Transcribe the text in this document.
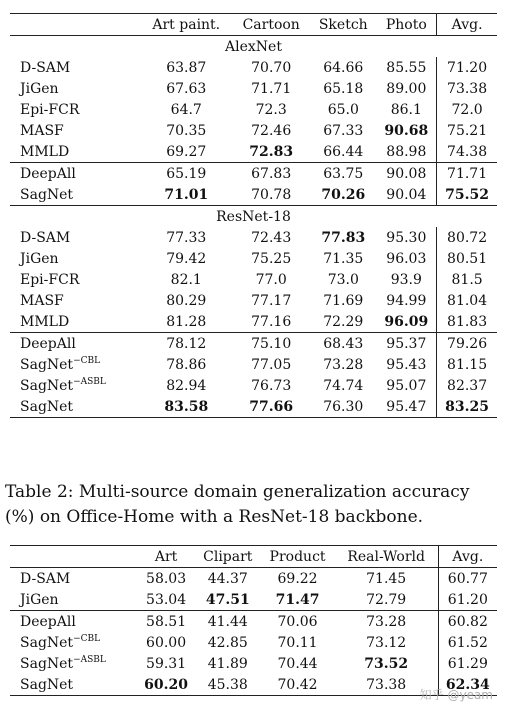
	Art paint.	Cartoon	Sketch	Photo	Avg.
AlexNet					
D-SAM	63.87	70.70	64.66	85.55	71.20
JiGen	67.63	71.71	65.18	89.00	73.38
Epi-FCR	64.7	72.3	65.0	86.1	72.0
MASF	70.35	72.46	67.33	90.68	75.21
MMLD	69.27	72.83	66.44	88.98	74.38
DeepAll	65.19	67.83	63.75	90.08	71.71
SagNet	71.01	70.78	70.26	90.04	75.52
ResNet-18					
D-SAM	77.33	72.43	77.83	95.30	80.72
JiGen	79.42	75.25	71.35	96.03	80.51
Epi-FCR	82.1	77.0	73.0	93.9	81.5
MASF	80.29	77.17	71.69	94.99	81.04
MMLD	81.28	77.16	72.29	96.09	81.83
DeepAll	78.12	75.10	68.43	95.37	79.26
SagNet$^{-CBL}$	78.86	77.05	73.28	95.43	81.15
SagNet$^{-ASBL}$	82.94	76.73	74.74	95.07	82.37
SagNet	83.58	77.66	76.30	95.47	83.25

Table 2: Multi-source domain generalization accuracy (%) on Office-Home with a ResNet-18 backbone.

	Art	Clipart	Product	Real-World	Avg.
D-SAM	58.03	44.37	69.22	71.45	60.77
JiGen	53.04	47.51	71.47	72.79	61.20
DeepAll	58.51	41.44	70.06	73.28	60.82
SagNet$^{-CBL}$	60.00	42.85	70.11	73.12	61.52
SagNet$^{-ASBL}$	59.31	41.89	70.44	73.52	61.29
SagNet	60.20	45.38	70.42	73.38	62.34
知乎 @yeam
